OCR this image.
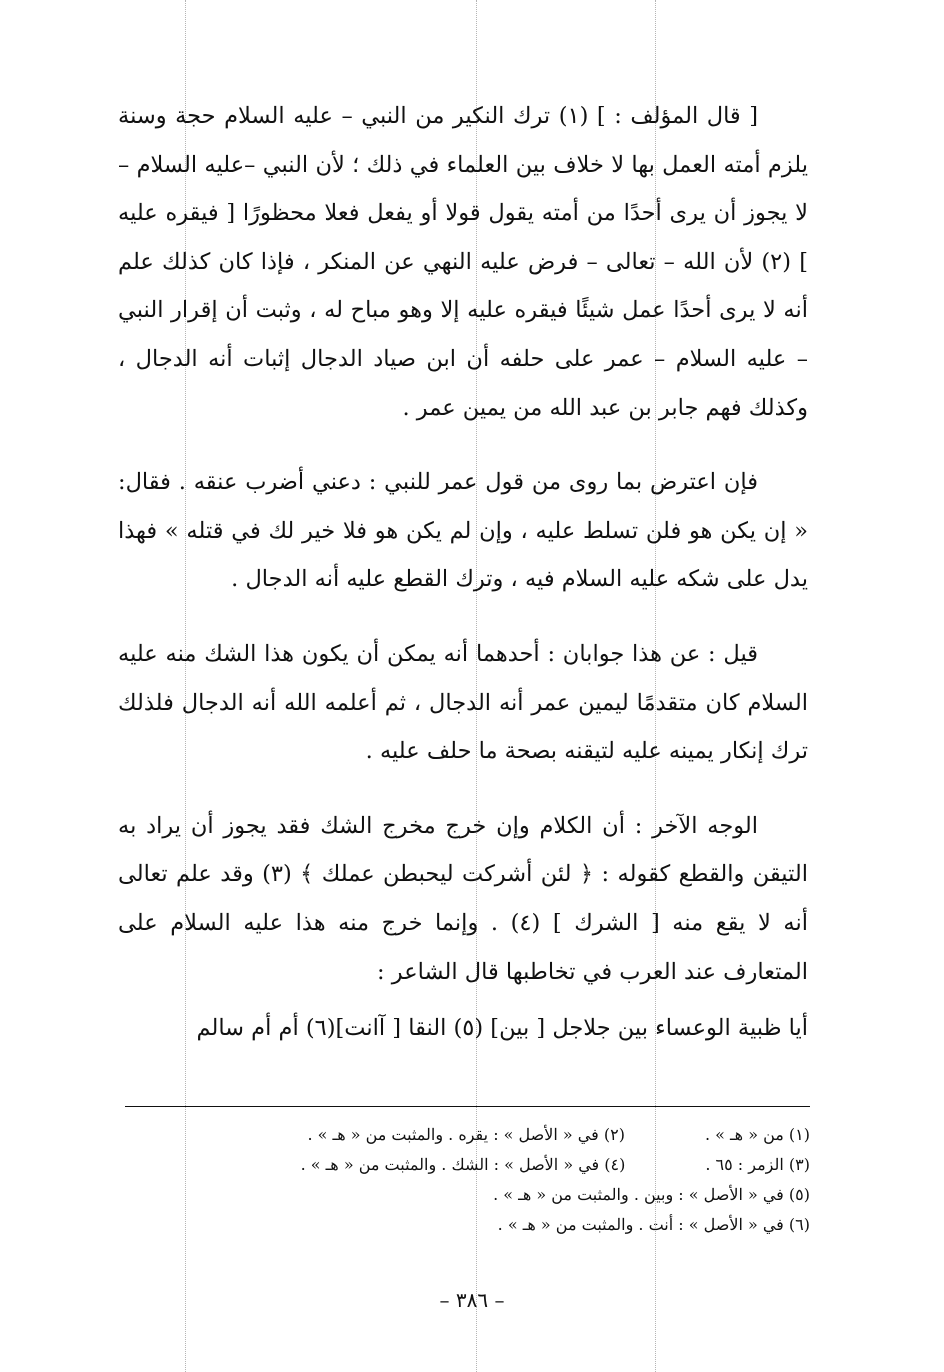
[ قال المؤلف : ] (١) ترك النكير من النبي – عليه السلام حجة وسنة يلزم أمته العمل بها لا خلاف بين العلماء في ذلك ؛ لأن النبي –عليه السلام – لا يجوز أن يرى أحدًا من أمته يقول قولا أو يفعل فعلا محظورًا [ فيقره عليه ] (٢) لأن الله – تعالى – فرض عليه النهي عن المنكر ، فإذا كان كذلك علم أنه لا يرى أحدًا عمل شيئًا فيقره عليه إلا وهو مباح له ، وثبت أن إقرار النبي – عليه السلام – عمر على حلفه أن ابن صياد الدجال إثبات أنه الدجال ، وكذلك فهم جابر بن عبد الله من يمين عمر .

فإن اعترض بما روى من قول عمر للنبي : دعني أضرب عنقه . فقال: « إن يكن هو فلن تسلط عليه ، وإن لم يكن هو فلا خير لك في قتله » فهذا يدل على شكه عليه السلام فيه ، وترك القطع عليه أنه الدجال .

قيل : عن هذا جوابان : أحدهما أنه يمكن أن يكون هذا الشك منه عليه السلام كان متقدمًا ليمين عمر أنه الدجال ، ثم أعلمه الله أنه الدجال فلذلك ترك إنكار يمينه عليه لتيقنه بصحة ما حلف عليه .

الوجه الآخر : أن الكلام وإن خرج مخرج الشك فقد يجوز أن يراد به التيقن والقطع كقوله : ﴿ لئن أشركت ليحبطن عملك ﴾ (٣) وقد علم تعالى أنه لا يقع منه [ الشرك ] (٤) . وإنما خرج منه هذا عليه السلام على المتعارف عند العرب في تخاطبها قال الشاعر :

أيا ظبية الوعساء بين جلاجل [ بين] (٥) النقا [ آانت](٦) أم أم سالم

(١) من « هـ » .
(٢) في « الأصل » : يقره . والمثبت من « هـ » .
(٣) الزمر : ٦٥ .
(٤) في « الأصل » : الشك . والمثبت من « هـ » .
(٥) في « الأصل » : وبين . والمثبت من « هـ » .
(٦) في « الأصل » : أنت . والمثبت من « هـ » .
– ٣٨٦ –
